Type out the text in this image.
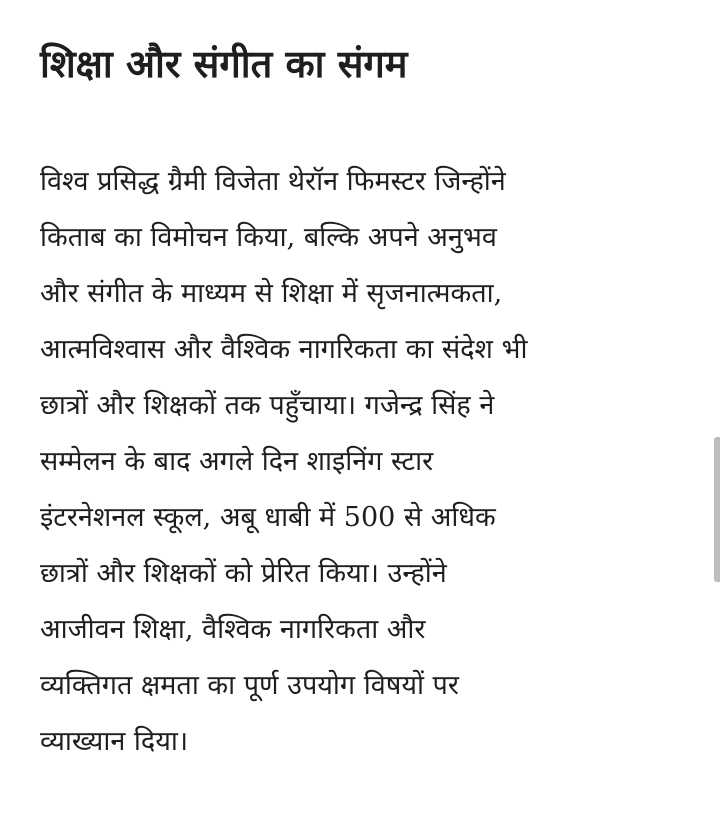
शिक्षा और संगीत का संगम
विश्व प्रसिद्ध ग्रैमी विजेता थेरॉन फिमस्टर जिन्होंने
किताब का विमोचन किया, बल्कि अपने अनुभव
और संगीत के माध्यम से शिक्षा में सृजनात्मकता,
आत्मविश्वास और वैश्विक नागरिकता का संदेश भी
छात्रों और शिक्षकों तक पहुँचाया। गजेन्द्र सिंह ने
सम्मेलन के बाद अगले दिन शाइनिंग स्टार
इंटरनेशनल स्कूल, अबू धाबी में 500 से अधिक
छात्रों और शिक्षकों को प्रेरित किया। उन्होंने
आजीवन शिक्षा, वैश्विक नागरिकता और
व्यक्तिगत क्षमता का पूर्ण उपयोग विषयों पर
व्याख्यान दिया।
